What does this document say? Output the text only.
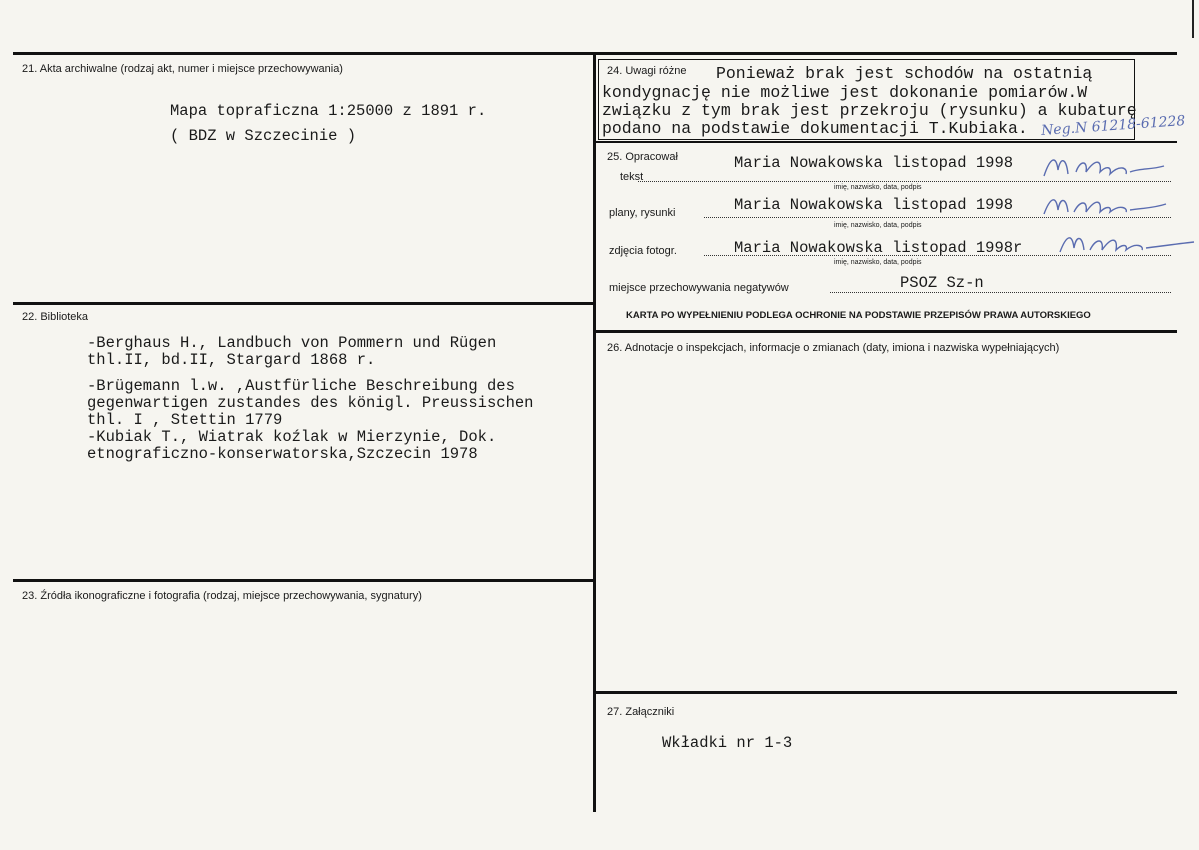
21. Akta archiwalne (rodzaj akt, numer i miejsce przechowywania)
Mapa topraficzna 1:25000 z 1891 r.
( BDZ w Szczecinie )
22. Biblioteka
-Berghaus H., Landbuch von Pommern und Rügen
thl.II, bd.II, Stargard 1868 r.
-Brügemann l.w. ,Austfürliche Beschreibung des
gegenwartigen zustandes des königl. Preussischen
thl. I , Stettin 1779
-Kubiak T., Wiatrak koźlak w Mierzynie, Dok.
etnograficzno-konserwatorska,Szczecin 1978
23. Źródła ikonograficzne i fotografia (rodzaj, miejsce przechowywania, sygnatury)
24. Uwagi różne Ponieważ brak jest schodów na ostatnią
kondygnację nie możliwe jest dokonanie pomiarów.W
związku z tym brak jest przekroju (rysunku) a kubaturę
podano na podstawie dokumentacji T.Kubiaka. Neg.N 61218-61228
25. Opracował
tekst
Maria Nowakowska listopad 1998
imię, nazwisko, data, podpis
plany, rysunki	Maria Nowakowska listopad 1998
imię, nazwisko, data, podpis
zdjęcia fotogr.	Maria Nowakowska listopad 1998r
imię, nazwisko, data, podpis
miejsce przechowywania negatywów	PSOZ Sz-n
KARTA PO WYPEŁNIENIU PODLEGA OCHRONIE NA PODSTAWIE PRZEPISÓW PRAWA AUTORSKIEGO
26. Adnotacje o inspekcjach, informacje o zmianach (daty, imiona i nazwiska wypełniających)
27. Załączniki
Wkładki nr 1-3
